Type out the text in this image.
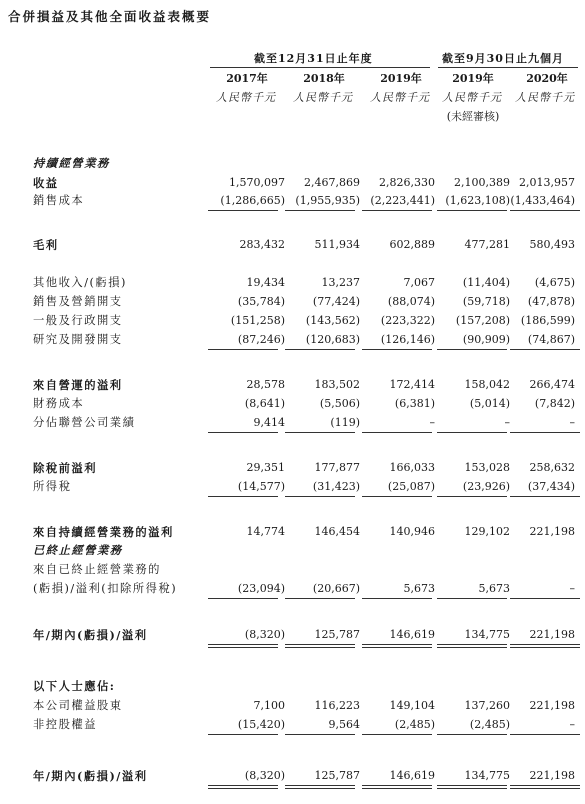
合併損益及其他全面收益表概要
截至12月31日止年度	截至9月30日止九個月
2017年	2018年	2019年	2019年	2020年
人民幣千元	人民幣千元	人民幣千元	人民幣千元	人民幣千元
(未經審核)
持續經營業務
收益	1,570,097	2,467,869	2,826,330	2,100,389 2,013,957
銷售成本	(1,286,665) (1,955,935) (2,223,441) (1,623,108) (1,433,464)
毛利	283,432	511,934	602,889	477,281	580,493
其他收入/(虧損)	19,434	13,237	7,067	(11,404)	(4,675)
銷售及營銷開支	(35,784)	(77,424)	(88,074)	(59,718)	(47,878)
一般及行政開支	(151,258)	(143,562)	(223,322)	(157,208) (186,599)
研究及開發開支	(87,246)	(120,683)	(126,146)	(90,909)	(74,867)
來自營運的溢利	28,578	183,502	172,414	158,042	266,474
財務成本	(8,641)	(5,506)	(6,381)	(5,014)	(7,842)
分佔聯營公司業績	9,414	(119)	–	–	–
除稅前溢利	29,351	177,877	166,033	153,028	258,632
所得稅	(14,577)	(31,423)	(25,087)	(23,926)	(37,434)
來自持續經營業務的溢利	14,774	146,454	140,946	129,102	221,198
已終止經營業務
來自已終止經營業務的
(虧損)/溢利(扣除所得稅)	(23,094)	(20,667)	5,673	5,673	–
年/期內(虧損)/溢利	(8,320)	125,787	146,619	134,775	221,198
以下人士應佔:
本公司權益股東	7,100	116,223	149,104	137,260	221,198
非控股權益	(15,420)	9,564	(2,485)	(2,485)	–
年/期內(虧損)/溢利	(8,320)	125,787	146,619	134,775	221,198
